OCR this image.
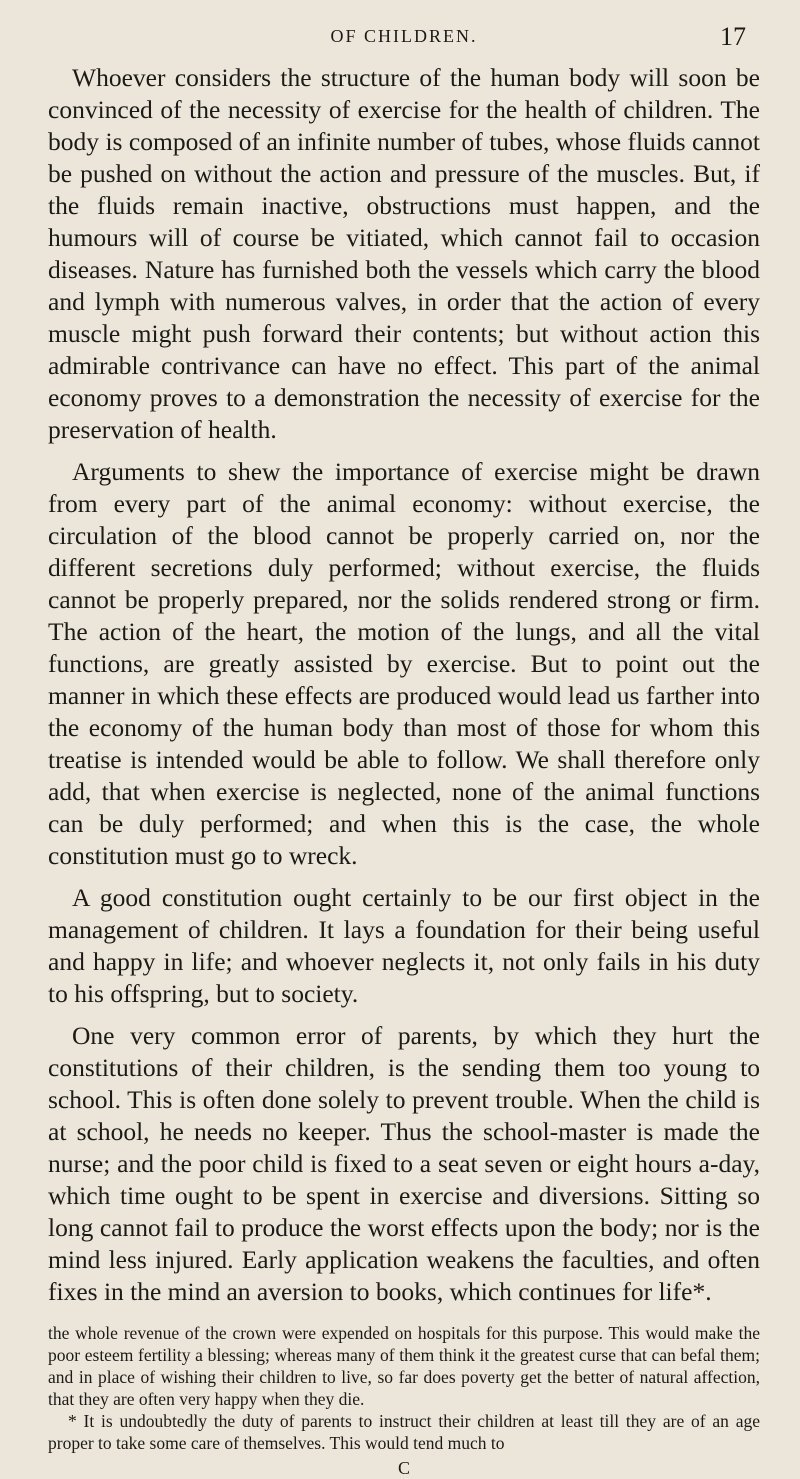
OF CHILDREN.	17

Whoever considers the structure of the human body will soon be convinced of the necessity of exercise for the health of children. The body is composed of an infinite number of tubes, whose fluids cannot be pushed on without the action and pressure of the muscles. But, if the fluids remain inactive, obstructions must happen, and the humours will of course be vitiated, which cannot fail to occasion diseases. Nature has furnished both the vessels which carry the blood and lymph with numerous valves, in order that the action of every muscle might push forward their contents; but without action this admirable contrivance can have no effect. This part of the animal economy proves to a demonstration the necessity of exercise for the preservation of health.

Arguments to shew the importance of exercise might be drawn from every part of the animal economy: without exercise, the circulation of the blood cannot be properly carried on, nor the different secretions duly performed; without exercise, the fluids cannot be properly prepared, nor the solids rendered strong or firm. The action of the heart, the motion of the lungs, and all the vital functions, are greatly assisted by exercise. But to point out the manner in which these effects are produced would lead us farther into the economy of the human body than most of those for whom this treatise is intended would be able to follow. We shall therefore only add, that when exercise is neglected, none of the animal functions can be duly performed; and when this is the case, the whole constitution must go to wreck.

A good constitution ought certainly to be our first object in the management of children. It lays a foundation for their being useful and happy in life; and whoever neglects it, not only fails in his duty to his offspring, but to society.

One very common error of parents, by which they hurt the constitutions of their children, is the sending them too young to school. This is often done solely to prevent trouble. When the child is at school, he needs no keeper. Thus the school-master is made the nurse; and the poor child is fixed to a seat seven or eight hours a-day, which time ought to be spent in exercise and diversions. Sitting so long cannot fail to produce the worst effects upon the body; nor is the mind less injured. Early application weakens the faculties, and often fixes in the mind an aversion to books, which continues for life*.

the whole revenue of the crown were expended on hospitals for this purpose. This would make the poor esteem fertility a blessing; whereas many of them think it the greatest curse that can befal them; and in place of wishing their children to live, so far does poverty get the better of natural affection, that they are often very happy when they die.

* It is undoubtedly the duty of parents to instruct their children at least till they are of an age proper to take some care of themselves. This would tend much to

C
